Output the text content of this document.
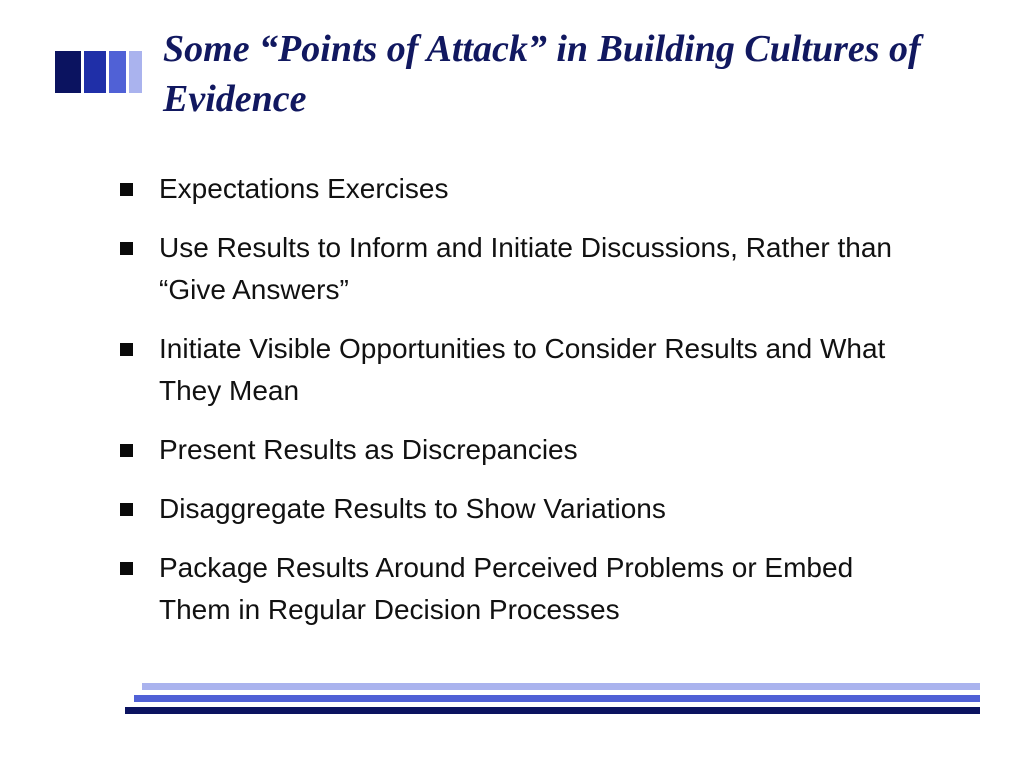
Some “Points of Attack” in Building Cultures of Evidence
Expectations Exercises
Use Results to Inform and Initiate Discussions, Rather than “Give Answers”
Initiate Visible Opportunities to Consider Results and What They Mean
Present Results as Discrepancies
Disaggregate Results to Show Variations
Package Results Around Perceived Problems or Embed Them in Regular Decision Processes
